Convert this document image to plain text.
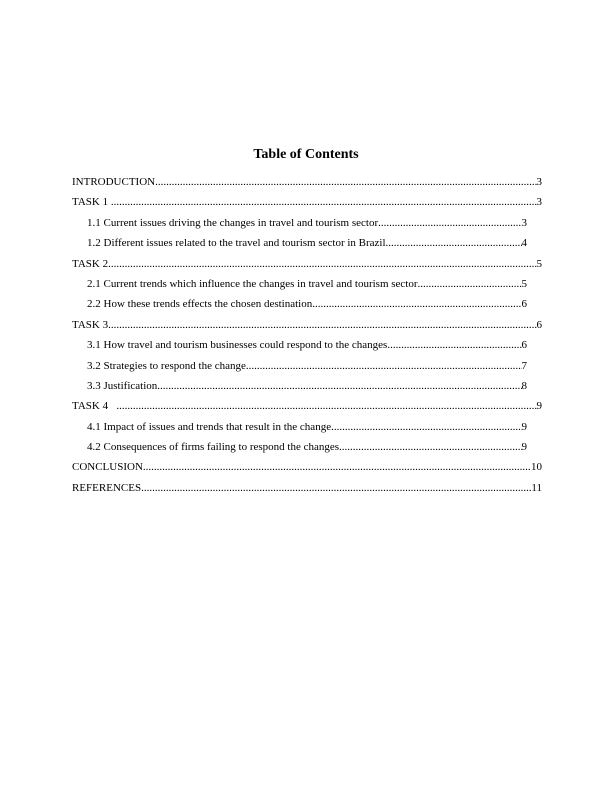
Table of Contents
INTRODUCTION .....	3
TASK 1 .....	3
1.1 Current issues driving the changes in travel and tourism sector .....	3
1.2 Different issues related to the travel and tourism sector in Brazil .....	4
TASK 2 .....	5
2.1 Current trends which influence the changes in travel and tourism sector .....	5
2.2 How these trends effects the chosen destination .....	6
TASK 3 .....	6
3.1 How travel and tourism businesses could respond to the changes .....	6
3.2 Strategies to respond the change .....	7
3.3 Justification .....	8
TASK 4 .....	9
4.1 Impact of issues and trends that result in the change .....	9
4.2 Consequences of firms failing to respond the changes .....	9
CONCLUSION .....	10
REFERENCES .....	11
